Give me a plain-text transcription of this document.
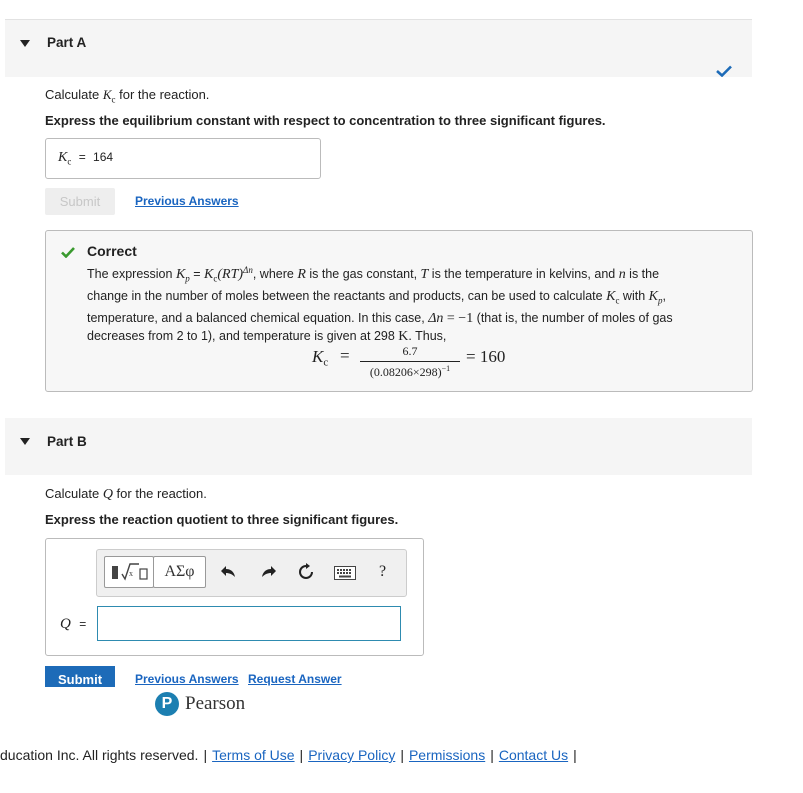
Part A
Calculate $K_c$ for the reaction.
Express the equilibrium constant with respect to concentration to three significant figures.
$K_c = 164$
Submit	Previous Answers
Correct
The expression $K_p = K_c(RT)^{\Delta n}$, where R is the gas constant, T is the temperature in kelvins, and n is the
change in the number of moles between the reactants and products, can be used to calculate $K_c$ with $K_p$,
temperature, and a balanced chemical equation. In this case, Δn = −1 (that is, the number of moles of gas
decreases from 2 to 1), and temperature is given at 298 K. Thus,
$K_c$ =	6.7
$(0.08206\times 298)^{-1}$
= 160
Part B
Calculate Q for the reaction.
Express the reaction quotient to three significant figures.
x	ΑΣφ	?
Q =
Submit	Previous Answers Request Answer
P Pearson
ducation Inc. All rights reserved. | Terms of Use | Privacy Policy | Permissions | Contact Us |
